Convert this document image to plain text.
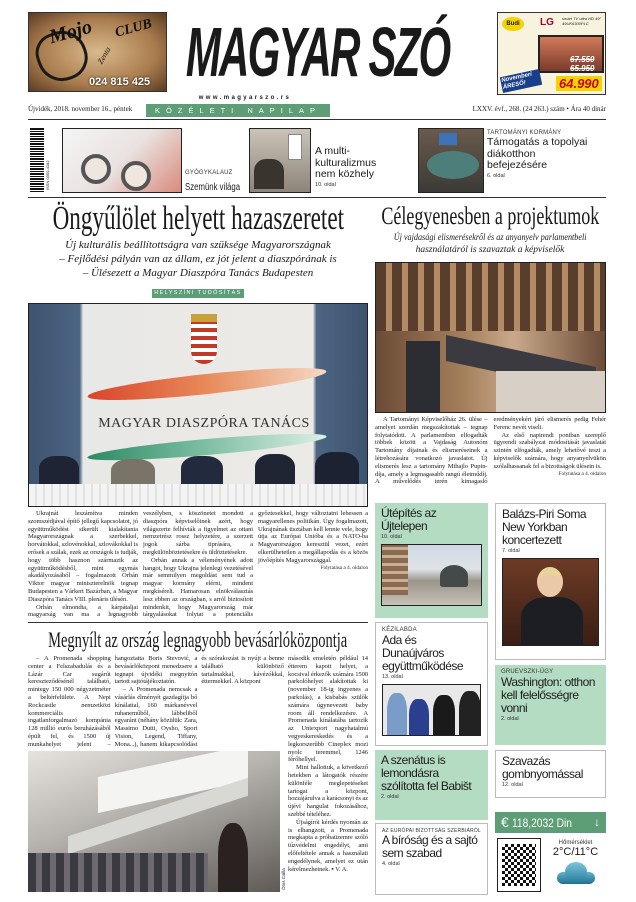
Mojo CLUB
Zenta
024 815 425 MAGYAR SZÓ
www.magyarszo.rs
Budi	LG smart TV ultra HD 49" 49UK6300PLC
67.550
65.950
64.990
Novemberi ÁRESŐ!
Újvidék, 2018. november 16., péntek	KÖZÉLETI NAPILAP	LXXV. évf., 268. (24 263.) szám • Ára 40 dinár
ISSN 0350-4182	GYÓGYKALAUZ
Szemünk világa
A multi-kulturalizmus nem közhely
10. oldal
TARTOMÁNYI KORMÁNY
Támogatás a topolyai diákotthon befejezésére
6. oldal
Öngyűlölet helyett hazaszeretet
Új kulturális beállítottságra van szüksége Magyarországnak
– Fejlődési pályán van az állam, ez jót jelent a diaszpórának is
– Ülésezett a Magyar Diaszpóra Tanács Budapesten
HELYSZÍNI TUDÓSÍTÁS
MAGYAR DIASZPÓRA TANÁCS

Ukrajnát leszámítva minden szomszédjával építő jellegű kapcsolatot, jó együttműködést sikerült kialakítania Magyarországnak a szerbekkel, horvátokkal, szlovénokkal, szlovákokkal is erősek a szálak, ezek az országok is tudják, hogy több hasznon származik az együttműködésből, mint egymás akadályozásából – fogalmazott Orbán Viktor magyar miniszterelnök tegnap Budapesten a Várkert Bazárban, a Magyar Diaszpóra Tanács VIII. plenáris ülésén.

Orbán elmondta, a kárpátaljai magyarság van ma a legnagyobb veszélyben, s köszönetet mondott a diaszpóra képviselőinek azért, hogy világszerte felhívták a figyelmet az ottani nemzetrész rossz helyzetére, a szerzett jogok sárba tiprására, a megkülönböztetésekre és üldöztetésekre.

Orbán annak a véleményének adott hangot, hogy Ukrajna jelenlegi vezetésével már semmilyen megoldást sem tud a magyar kormány elérni, mindent megkísérelt. Hamarosan elnökválasztás lesz ebben az országban, s arról biztosított mindenkit, hogy Magyarország már tárgyalásokat folytat a potenciális győztesekkel, hogy változtatni lehessen a magyarellenes politikán. Úgy fogalmazott, Ukrajnának tisztában kell lennie vele, hogy útja az Európai Unióba és a NATO-ba Magyarországon keresztül vezet, ezért elkerülhetetlen a megállapodás és a közös jövőépítés Magyarországgal.

Folytatása a 4. oldalon
Megnyílt az ország legnagyobb bevásárlóközpontja

– A Promenada shopping center a Felszabadulás és a Lázár Car sugárút kereszteződésénél található, mintegy 150 000 négyzetméter a beltérfelülete. A Nepi Rockcastle nemzetközi kommerciális ingatlanforgalmazó kompánia 128 millió eurós beruházásából épült fel, és 1500 új munkahelyet jelent – hangoztatta Boris Stevović, a bevásárlóközpont menedzsere a tegnapi újvidéki megnyitón tartott sajtótájékoztatón.

– A Promenada nemcsak a vásárlás élményét gazdagítja bő kínálattal, 160 márkanévvel ruhaneműből, lábbeliből egyaránt (néhány közülük: Zara, Massimo Dutti, Oysho, Sport Vision, Legend, Tiffany, Mona...), hanem kikapcsolódást és szórakozást is nyújt a benne található különböző tartalmakkal, kávézókkal, éttermekkel. A központ

második emeletén például 14 étterem kapott helyet, a kocsival érkezők számára 1500 parkolóhelyet alakítottak ki (november 18-ig ingyenes a parkolás), a kisbabás szülők számára úgynevezett baby room áll rendelkezésre. A Promenada kínálatába tartozik az Uniexport nagyhatalmú vegyeskereskedés és a legkorszerűbb Cineplex mozi nyolc teremmel, 1246 férőhellyel.

Mint hallottuk, a következő hetekben a látogatók részére különféle meglepetéseket tartogat a központ, hozzájárulva a karácsonyi és az újévi hangulat fokozásához, szebbé tételéhez.

Újságírói kérdés nyomán az is elhangzott, a Promenada megkapta a próbaüzemre szóló tűzvédelmi engedélyt, ami előfeltétele annak a használati engedélynek, amelyet ez után kérelmezhetnek. ▪ V. A.

Ótos Csilla
Célegyenesben a projektumok
Új vajdasági elismerésekről és az anyanyelv parlamentbeli
használatáról is szavaztak a képviselők

A Tartományi Képviselőház 26. ülése – amelyet szerdán megszakítottak – tegnap folytatódott. A parlamentben elfogadták többek között a Vajdaság Autonóm Tartomány díjainak és elismeréseinek a létrehozására vonatkozó javaslatot. Új elismerés lesz a tartomány Mihajlo Pupin-díja, amely a legmagasabb rangú életműdíj. A művelődés terén kimagasló eredményekért járó elismerés pedig Fehér Ferenc nevét viseli.

Az első napirendi pontban szereplő ügyrendi szabályzat módosítását javaslatát szintén elfogadták, amely lehetővé teszi a képviselők számára, hogy anyanyelvükön szólalhassanak fel a bizottságok ülésein is.

Folytatása a 4. oldalon
Útépítés az Újtelepen
10. oldal
Balázs-Piri Soma New Yorkban koncertezett
7. oldal
KÉZILABDA
Ada és Dunaújváros együttműködése
13. oldal
GRUEVSZKI-ÜGY
Washington: otthon kell felelősségre vonni
2. oldal
A szenátus is lemondásra szólította fel Babišt
2. oldal
Szavazás gombnyomással
12. oldal
AZ EURÓPAI BIZOTTSÁG SZERBIÁRÓL
A bíróság és a sajtó sem szabad
4. oldal
€ 118,2032 Din ↓
Hőmérséklet
2°C/11°C
